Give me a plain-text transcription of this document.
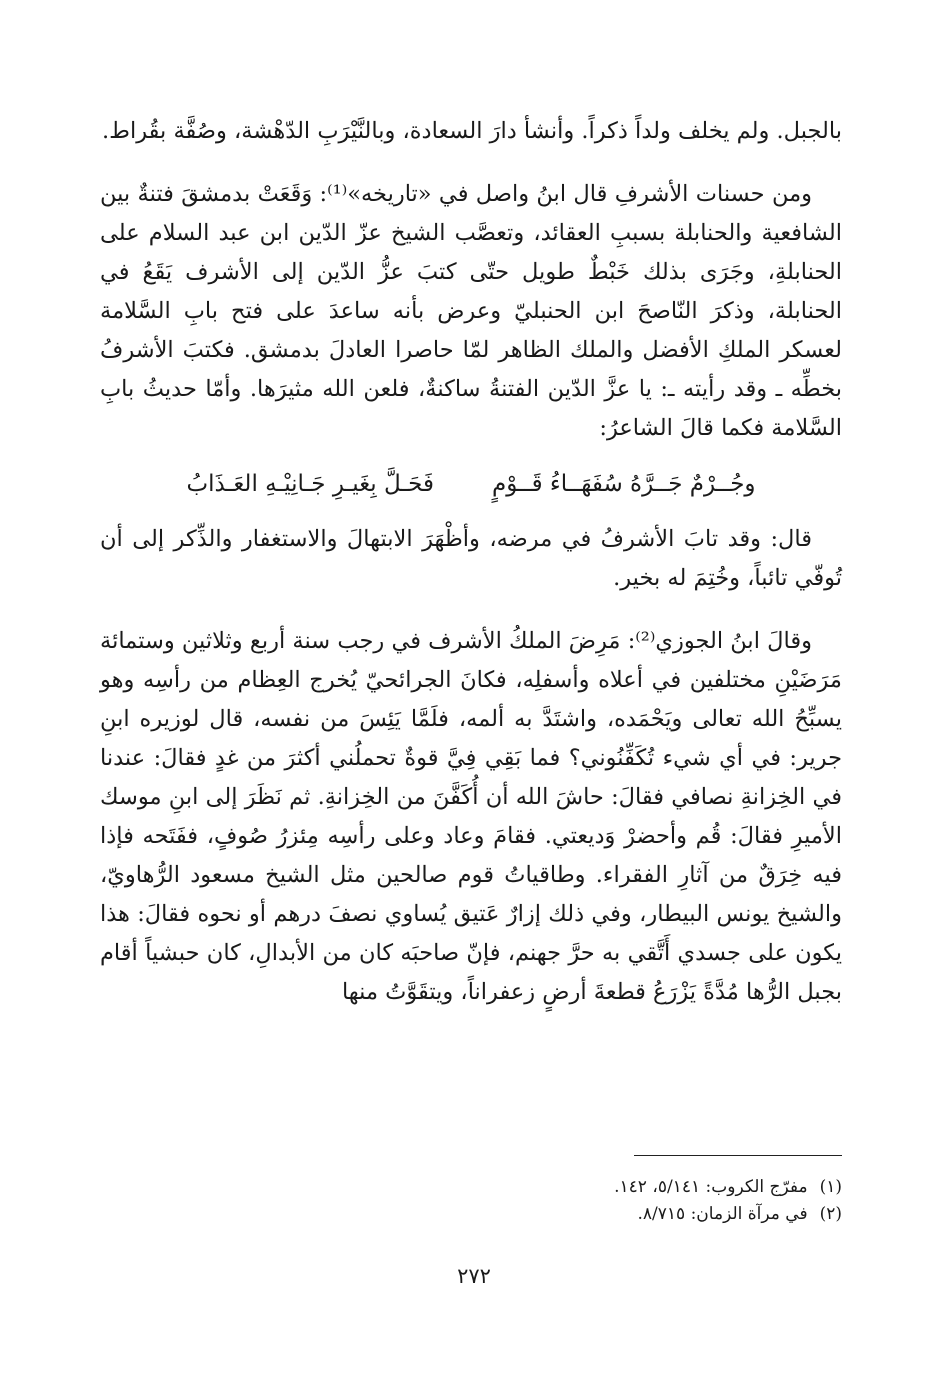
بالجبل. ولم يخلف ولداً ذكراً. وأنشأ دارَ السعادة، وبالنَّيْرَبِ الدّهْشة، وصُفَّة بقُراط.

ومن حسنات الأشرفِ قال ابنُ واصل في «تاريخه»⁽¹⁾: وَقَعَتْ بدمشقَ فتنةٌ بين الشافعية والحنابلة بسببِ العقائد، وتعصَّب الشيخ عزّ الدّين ابن عبد السلام على الحنابلةِ، وجَرَى بذلك خَبْطٌ طويل حتّى كتبَ عزُّ الدّين إلى الأشرف يَقَعُ في الحنابلة، وذكرَ النّاصحَ ابن الحنبليّ وعرض بأنه ساعدَ على فتح بابِ السَّلامة لعسكر الملكِ الأفضل والملك الظاهر لمّا حاصرا العادلَ بدمشق. فكتبَ الأشرفُ بخطِّه ـ وقد رأيته ـ: يا عزَّ الدّين الفتنةُ ساكنةٌ، فلعن الله مثيرَها. وأمّا حديثُ بابِ السَّلامة فكما قالَ الشاعرُ:

وجُــرْمٌ جَــرَّهُ سُفَهَــاءُ قَــوْمٍ
فَحَـلَّ بِغَيـرِ جَـانِيْـهِ العَـذَابُ

قال: وقد تابَ الأشرفُ في مرضه، وأظْهَرَ الابتهالَ والاستغفار والذِّكر إلى أن تُوفّي تائباً، وخُتِمَ له بخير.

وقالَ ابنُ الجوزي⁽²⁾: مَرِضَ الملكُ الأشرف في رجب سنة أربع وثلاثين وستمائة مَرَضَيْنِ مختلفين في أعلاه وأسفلِه، فكانَ الجرائحيّ يُخرج العِظام من رأسِه وهو يسبِّحُ الله تعالى ويَحْمَده، واشتَدَّ به ألمه، فلَمَّا يَئِسَ من نفسه، قال لوزيره ابنِ جرير: في أي شيء تُكَفِّنُوني؟ فما بَقِي فِيَّ قوةٌ تحملُني أكثرَ من غدٍ فقالَ: عندنا في الخِزانةِ نصافي فقالَ: حاشَ الله أن أُكَفَّنَ من الخِزانةِ. ثم نَظَرَ إلى ابنِ موسك الأميرِ فقالَ: قُم وأحضرْ وَديعتي. فقامَ وعاد وعلى رأسِه مِئزرُ صُوفٍ، ففَتَحه فإذا فيه خِرَقٌ من آثارِ الفقراء. وطاقياتُ قوم صالحين مثل الشيخ مسعود الرُّهاويّ، والشيخ يونس البيطار، وفي ذلك إزارٌ عَتيق يُساوي نصفَ درهم أو نحوه فقالَ: هذا يكون على جسدي أَتَّقي به حرَّ جهنم، فإنّ صاحبَه كان من الأبدالِ، كان حبشياً أقام بجبل الرُّها مُدَّةً يَزْرَعُ قطعةَ أرضٍ زعفراناً، ويتقَوَّتُ منها

(١)مفرّج الكروب: ٥/١٤١، ١٤٢.
(٢)في مرآة الزمان: ٨/٧١٥.
٢٧٢
